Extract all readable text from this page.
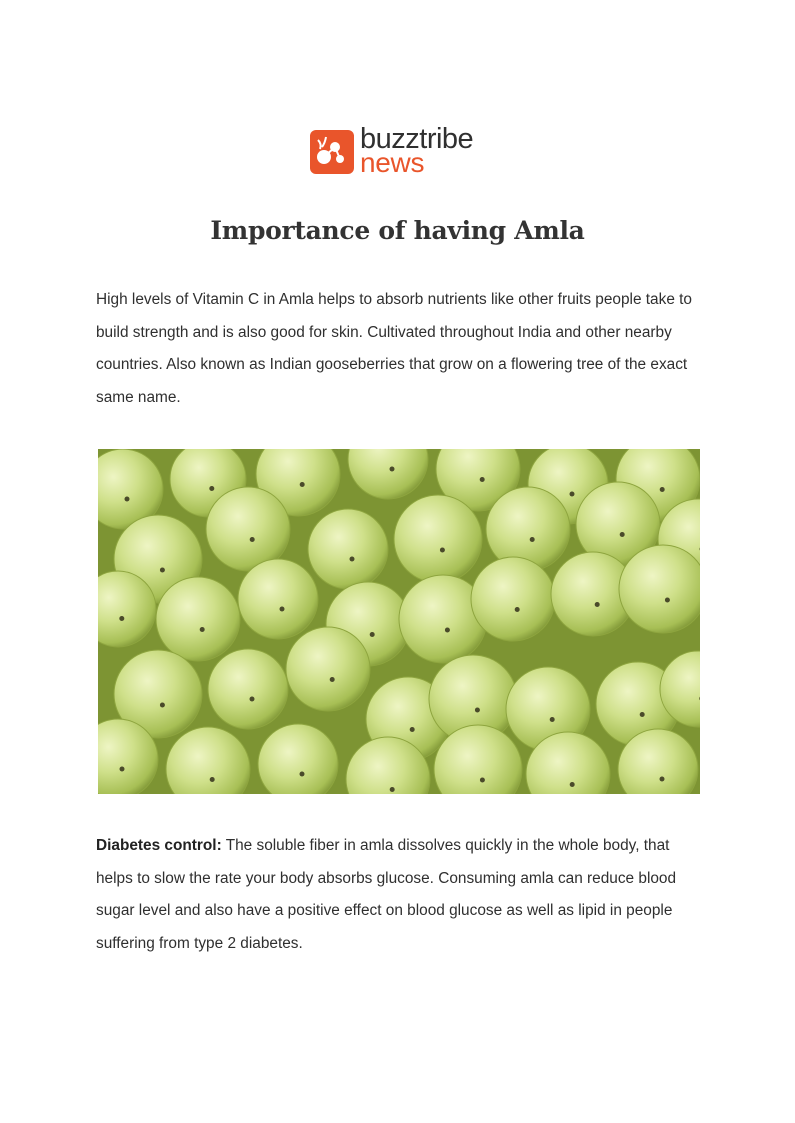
buzztribe
news
Importance of having Amla

High levels of Vitamin C in Amla helps to absorb nutrients like other fruits people take to build strength and is also good for skin. Cultivated throughout India and other nearby countries. Also known as Indian gooseberries that grow on a flowering tree of the exact same name.

Diabetes control: The soluble fiber in amla dissolves quickly in the whole body, that helps to slow the rate your body absorbs glucose. Consuming amla can reduce blood sugar level and also have a positive effect on blood glucose as well as lipid in people suffering from type 2 diabetes.
